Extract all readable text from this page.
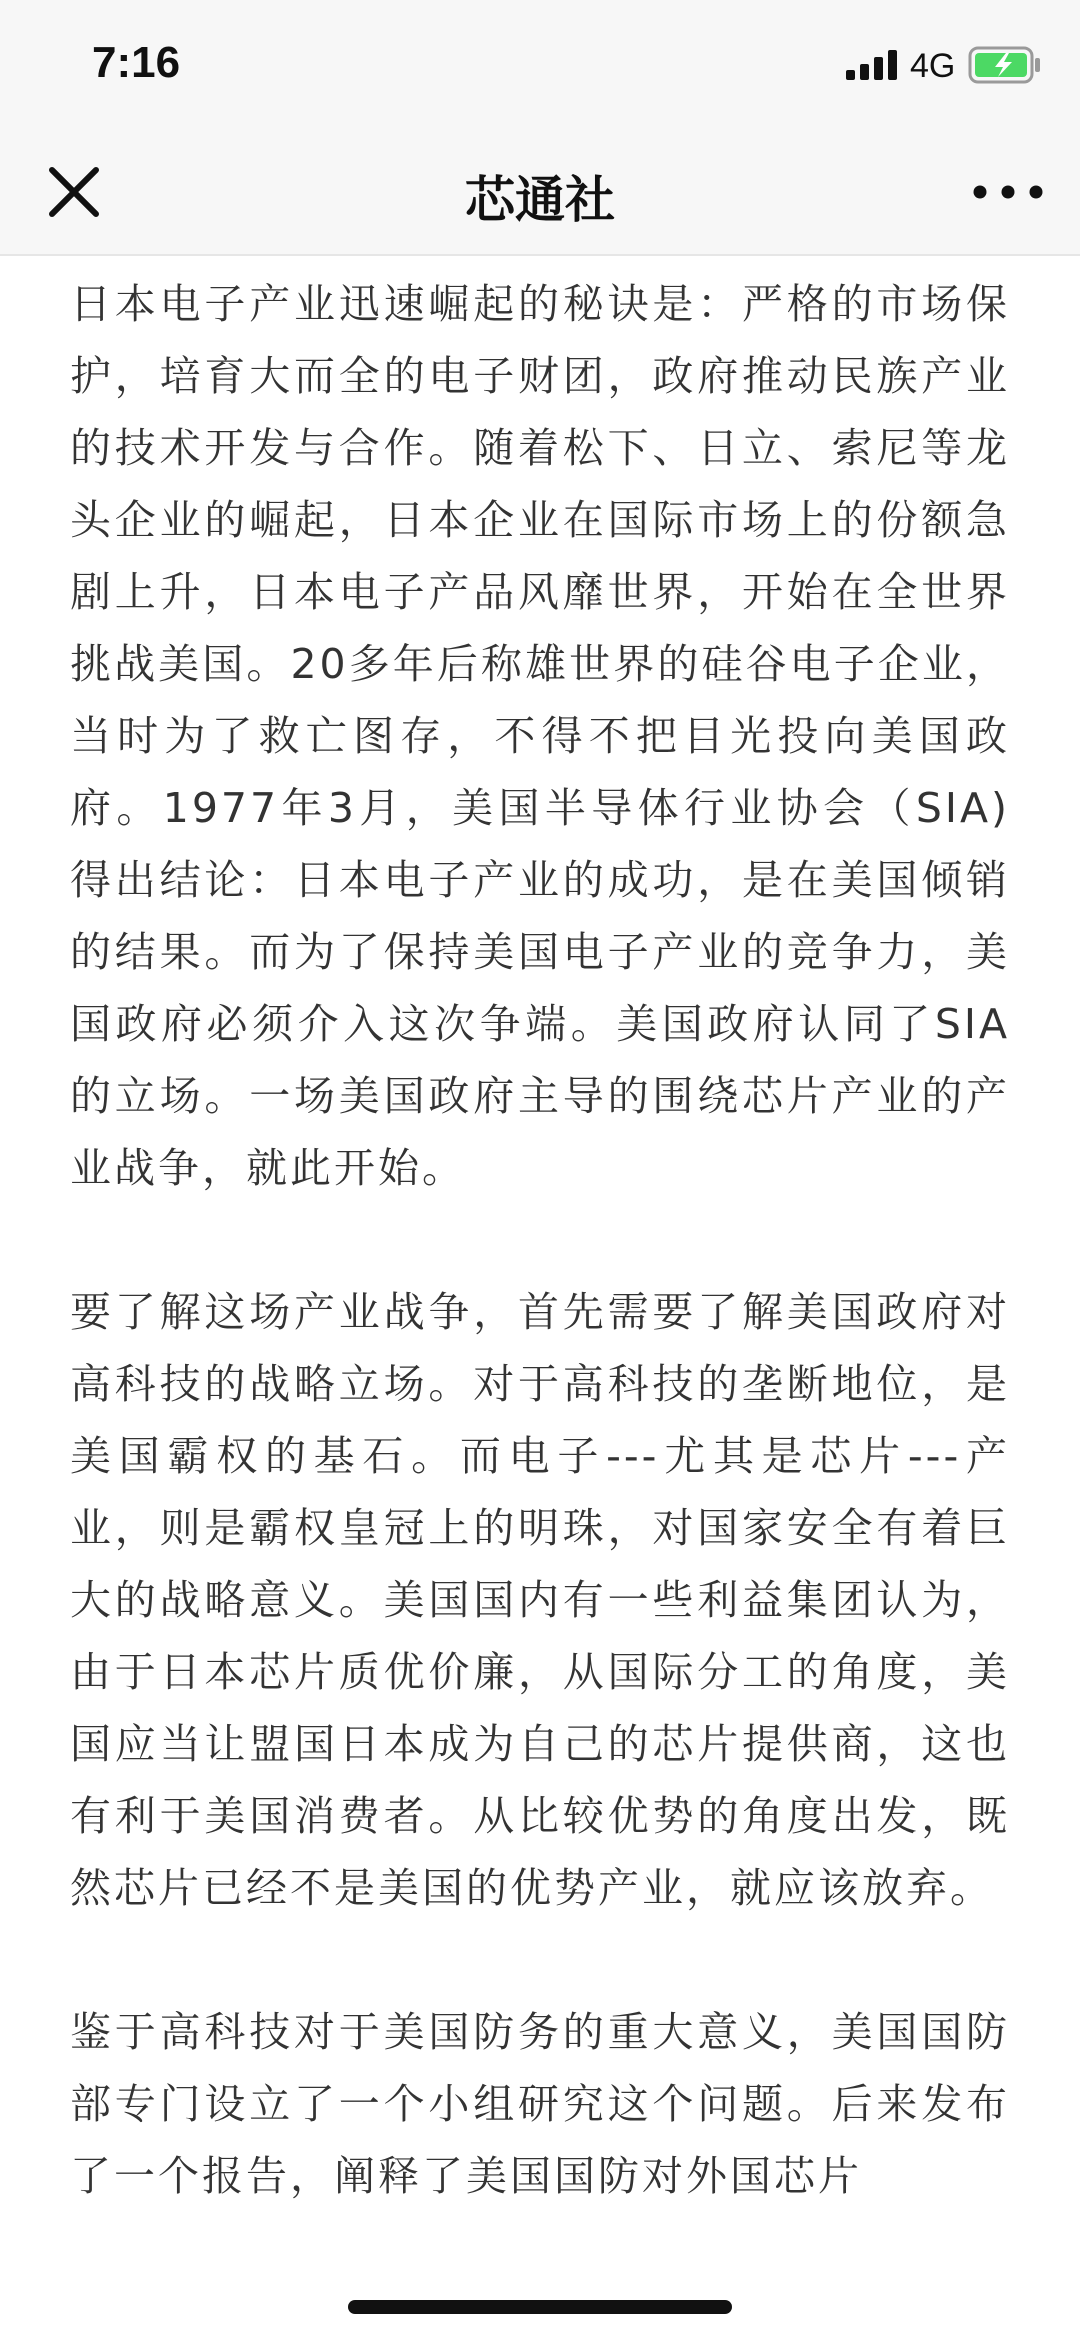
7:16	4G
芯通社

日本电子产业迅速崛起的秘诀是：严格的市场保护，培育大而全的电子财团，政府推动民族产业的技术开发与合作。随着松下、日立、索尼等龙头企业的崛起，日本企业在国际市场上的份额急剧上升，日本电子产品风靡世界，开始在全世界挑战美国。20多年后称雄世界的硅谷电子企业，当时为了救亡图存，不得不把目光投向美国政府。1977年3月，美国半导体行业协会（SIA)得出结论：日本电子产业的成功，是在美国倾销的结果。而为了保持美国电子产业的竞争力，美国政府必须介入这次争端。美国政府认同了SIA的立场。一场美国政府主导的围绕芯片产业的产业战争，就此开始。

要了解这场产业战争，首先需要了解美国政府对高科技的战略立场。对于高科技的垄断地位，是美国霸权的基石。而电子---尤其是芯片---产业，则是霸权皇冠上的明珠，对国家安全有着巨大的战略意义。美国国内有一些利益集团认为，由于日本芯片质优价廉，从国际分工的角度，美国应当让盟国日本成为自己的芯片提供商，这也有利于美国消费者。从比较优势的角度出发，既然芯片已经不是美国的优势产业，就应该放弃。

鉴于高科技对于美国防务的重大意义，美国国防部专门设立了一个小组研究这个问题。后来发布了一个报告，阐释了美国国防对外国芯片
